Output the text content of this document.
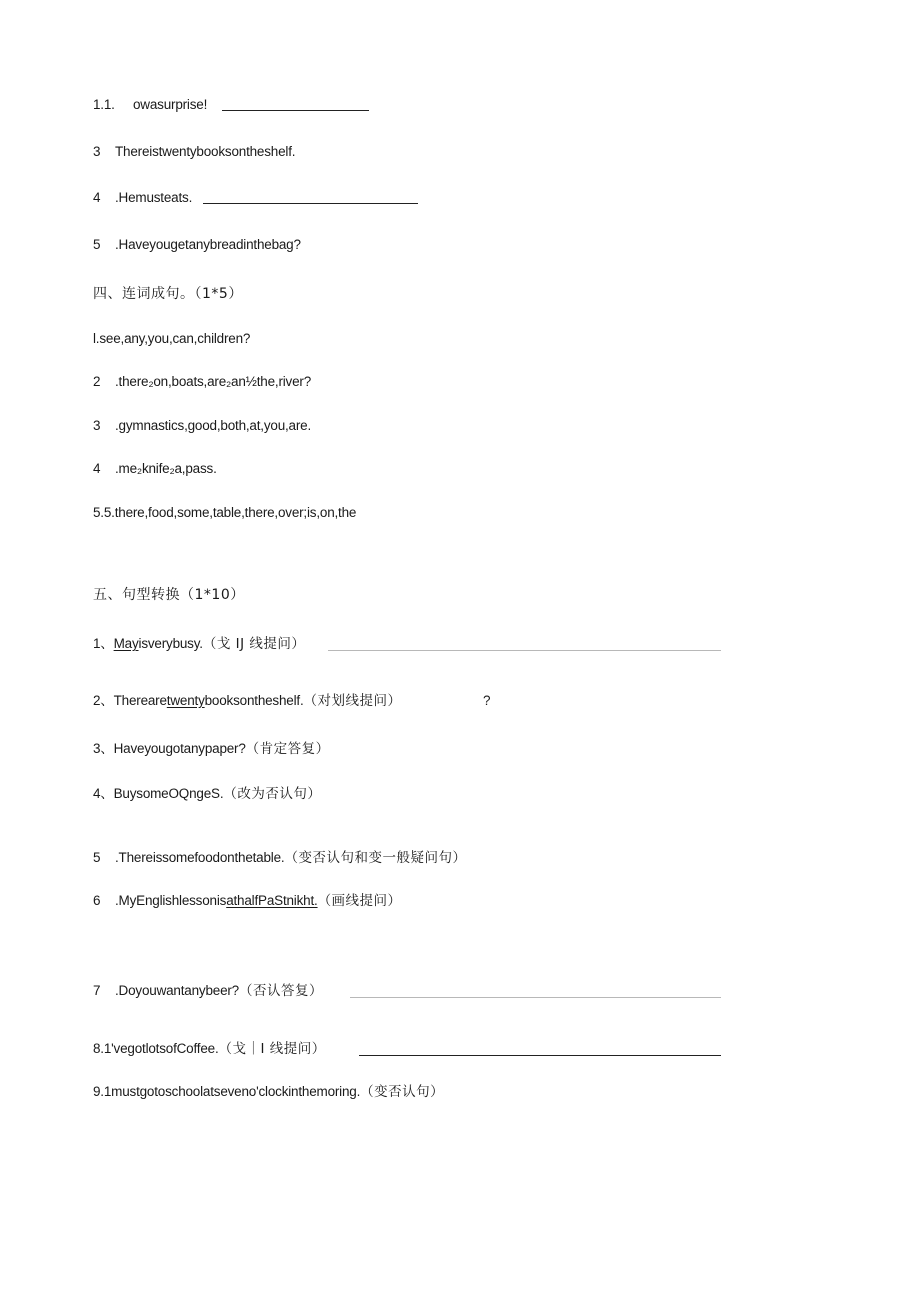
1.1. owasurprise!
3 Thereistwentybooksontheshelf.
4 .Hemusteats.
5 .Haveyougetanybreadinthebag?
四、连词成句。（1*5）
l.see,any,you,can,children?
2 .there₂on,boats,are₂an½the,river?
3 .gymnastics,good,both,at,you,are.
4 .me₂knife₂a,pass.
5.5.there,food,some,table,there,over;is,on,the
五、句型转换（1*10）
1、Mayisverybusy.（戈 IJ 线提问）
2、Therearetwentybooksontheshelf.（对划线提问）	?
3、Haveyougotanypaper?（肯定答复）
4、BuysomeOQngeS.（改为否认句）
5 .Thereissomefoodonthetable.（变否认句和变一般疑问句）
6 .MyEnglishlessonisathalfPaStnikht.（画线提问）
7 .Doyouwantanybeer?（否认答复）
8.1'vegotlotsofCoffee.（戈｜I 线提问）
9.1mustgotoschoolatseveno'clockinthemoring.（变否认句）
